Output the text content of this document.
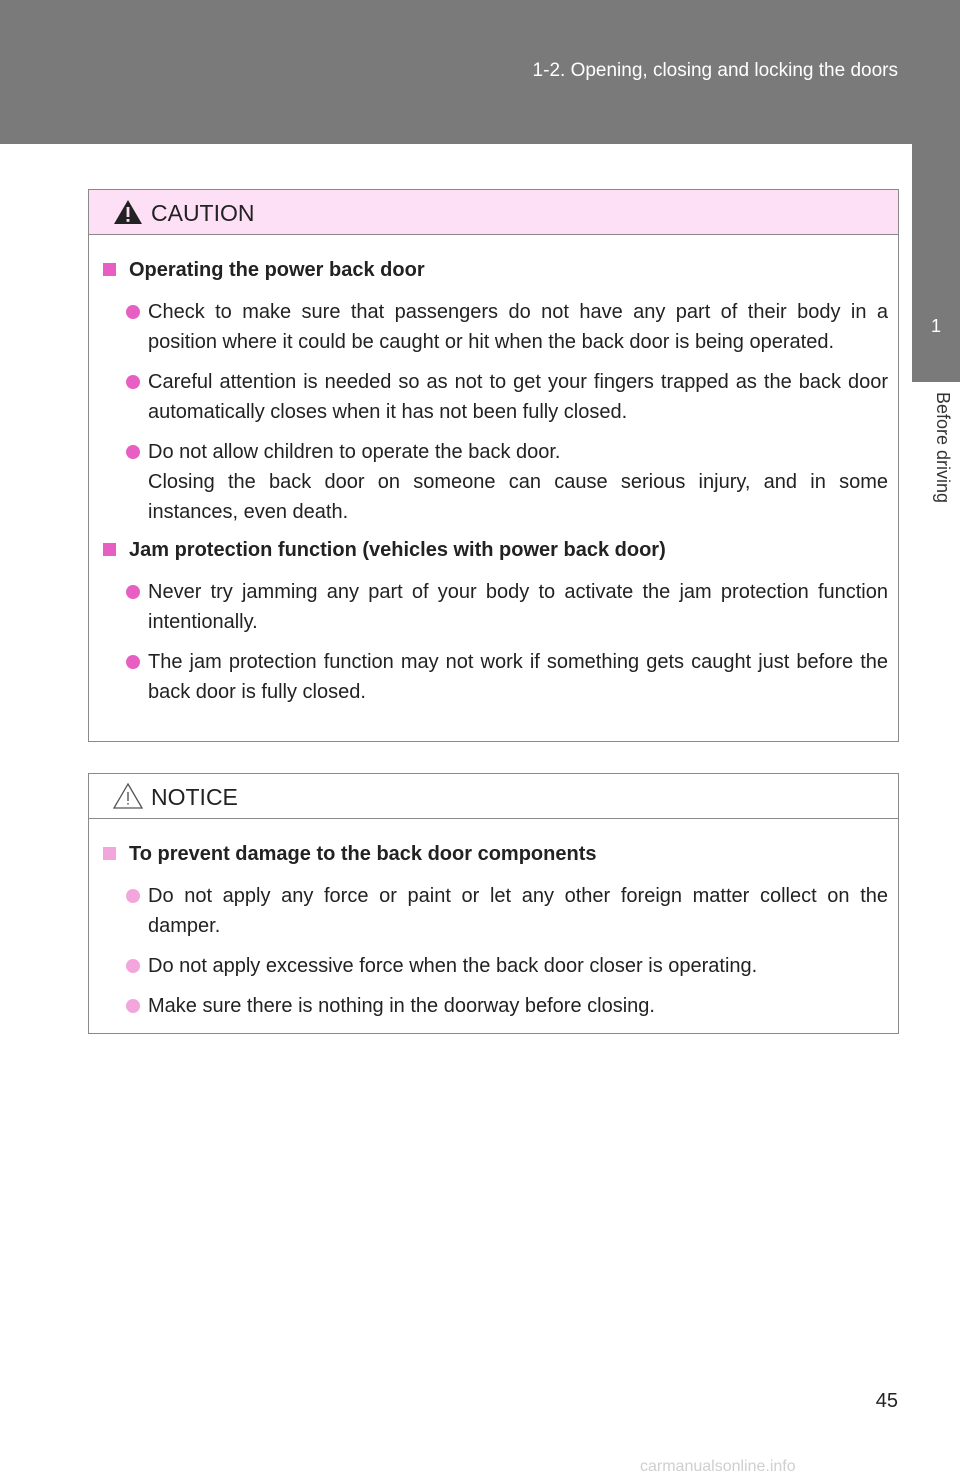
1-2. Opening, closing and locking the doors
1
Before driving
CAUTION
Operating the power back door
Check to make sure that passengers do not have any part of their body in a position where it could be caught or hit when the back door is being operated.
Careful attention is needed so as not to get your fingers trapped as the back door automatically closes when it has not been fully closed.
Do not allow children to operate the back door.
Closing the back door on someone can cause serious injury, and in some instances, even death.
Jam protection function (vehicles with power back door)
Never try jamming any part of your body to activate the jam protection function intentionally.
The jam protection function may not work if something gets caught just before the back door is fully closed.
NOTICE
To prevent damage to the back door components
Do not apply any force or paint or let any other foreign matter collect on the damper.
Do not apply excessive force when the back door closer is operating.
Make sure there is nothing in the doorway before closing.
45
carmanualsonline.info
